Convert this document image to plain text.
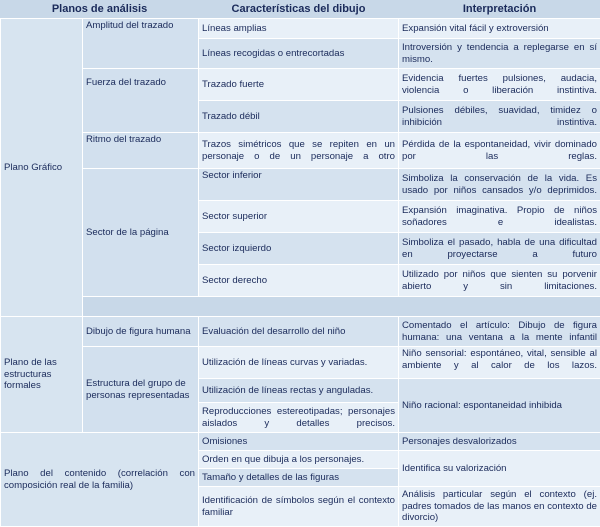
Planos de análisis		Características del dibujo	Interpretación
Plano Gráfico	Amplitud del trazado	Líneas amplias	Expansión vital fácil y extroversión
		Líneas recogidas o entrecortadas	Introversión y tendencia a replegarse en sí mismo.
	Fuerza del trazado	Trazado fuerte	Evidencia fuertes pulsiones, audacia, violencia o liberación instintiva.
		Trazado débil	Pulsiones débiles, suavidad, timidez o inhibición instintiva.
	Ritmo del trazado	Trazos simétricos que se repiten en un personaje o de un personaje a otro	Pérdida de la espontaneidad, vivir dominado por las reglas.
	Sector de la página	Sector inferior	Simboliza la conservación de la vida. Es usado por niños cansados y/o deprimidos.
		Sector superior	Expansión imaginativa. Propio de niños soñadores e idealistas.
		Sector izquierdo	Simboliza el pasado, habla de una dificultad en proyectarse a futuro
		Sector derecho	Utilizado por niños que sienten su porvenir abierto y sin limitaciones.

Plano de las estructuras formales	Dibujo de figura humana	Evaluación del desarrollo del niño	Comentado el artículo: Dibujo de figura humana: una ventana a la mente infantil
	Estructura del grupo de personas representadas	Utilización de líneas curvas y variadas.	Niño sensorial: espontáneo, vital, sensible al ambiente y al calor de los lazos.
		Utilización de líneas rectas y anguladas.	Niño racional: espontaneidad inhibida
		Reproducciones estereotipadas; personajes aislados y detalles precisos.	
Plano del contenido (correlación con composición real de la familia)		Omisiones	Personajes desvalorizados
		Orden en que dibuja a los personajes.	Identifica su valorización
		Tamaño y detalles de las figuras	
		Identificación de símbolos según el contexto familiar	Análisis particular según el contexto (ej. padres tomados de las manos en contexto de divorcio)
